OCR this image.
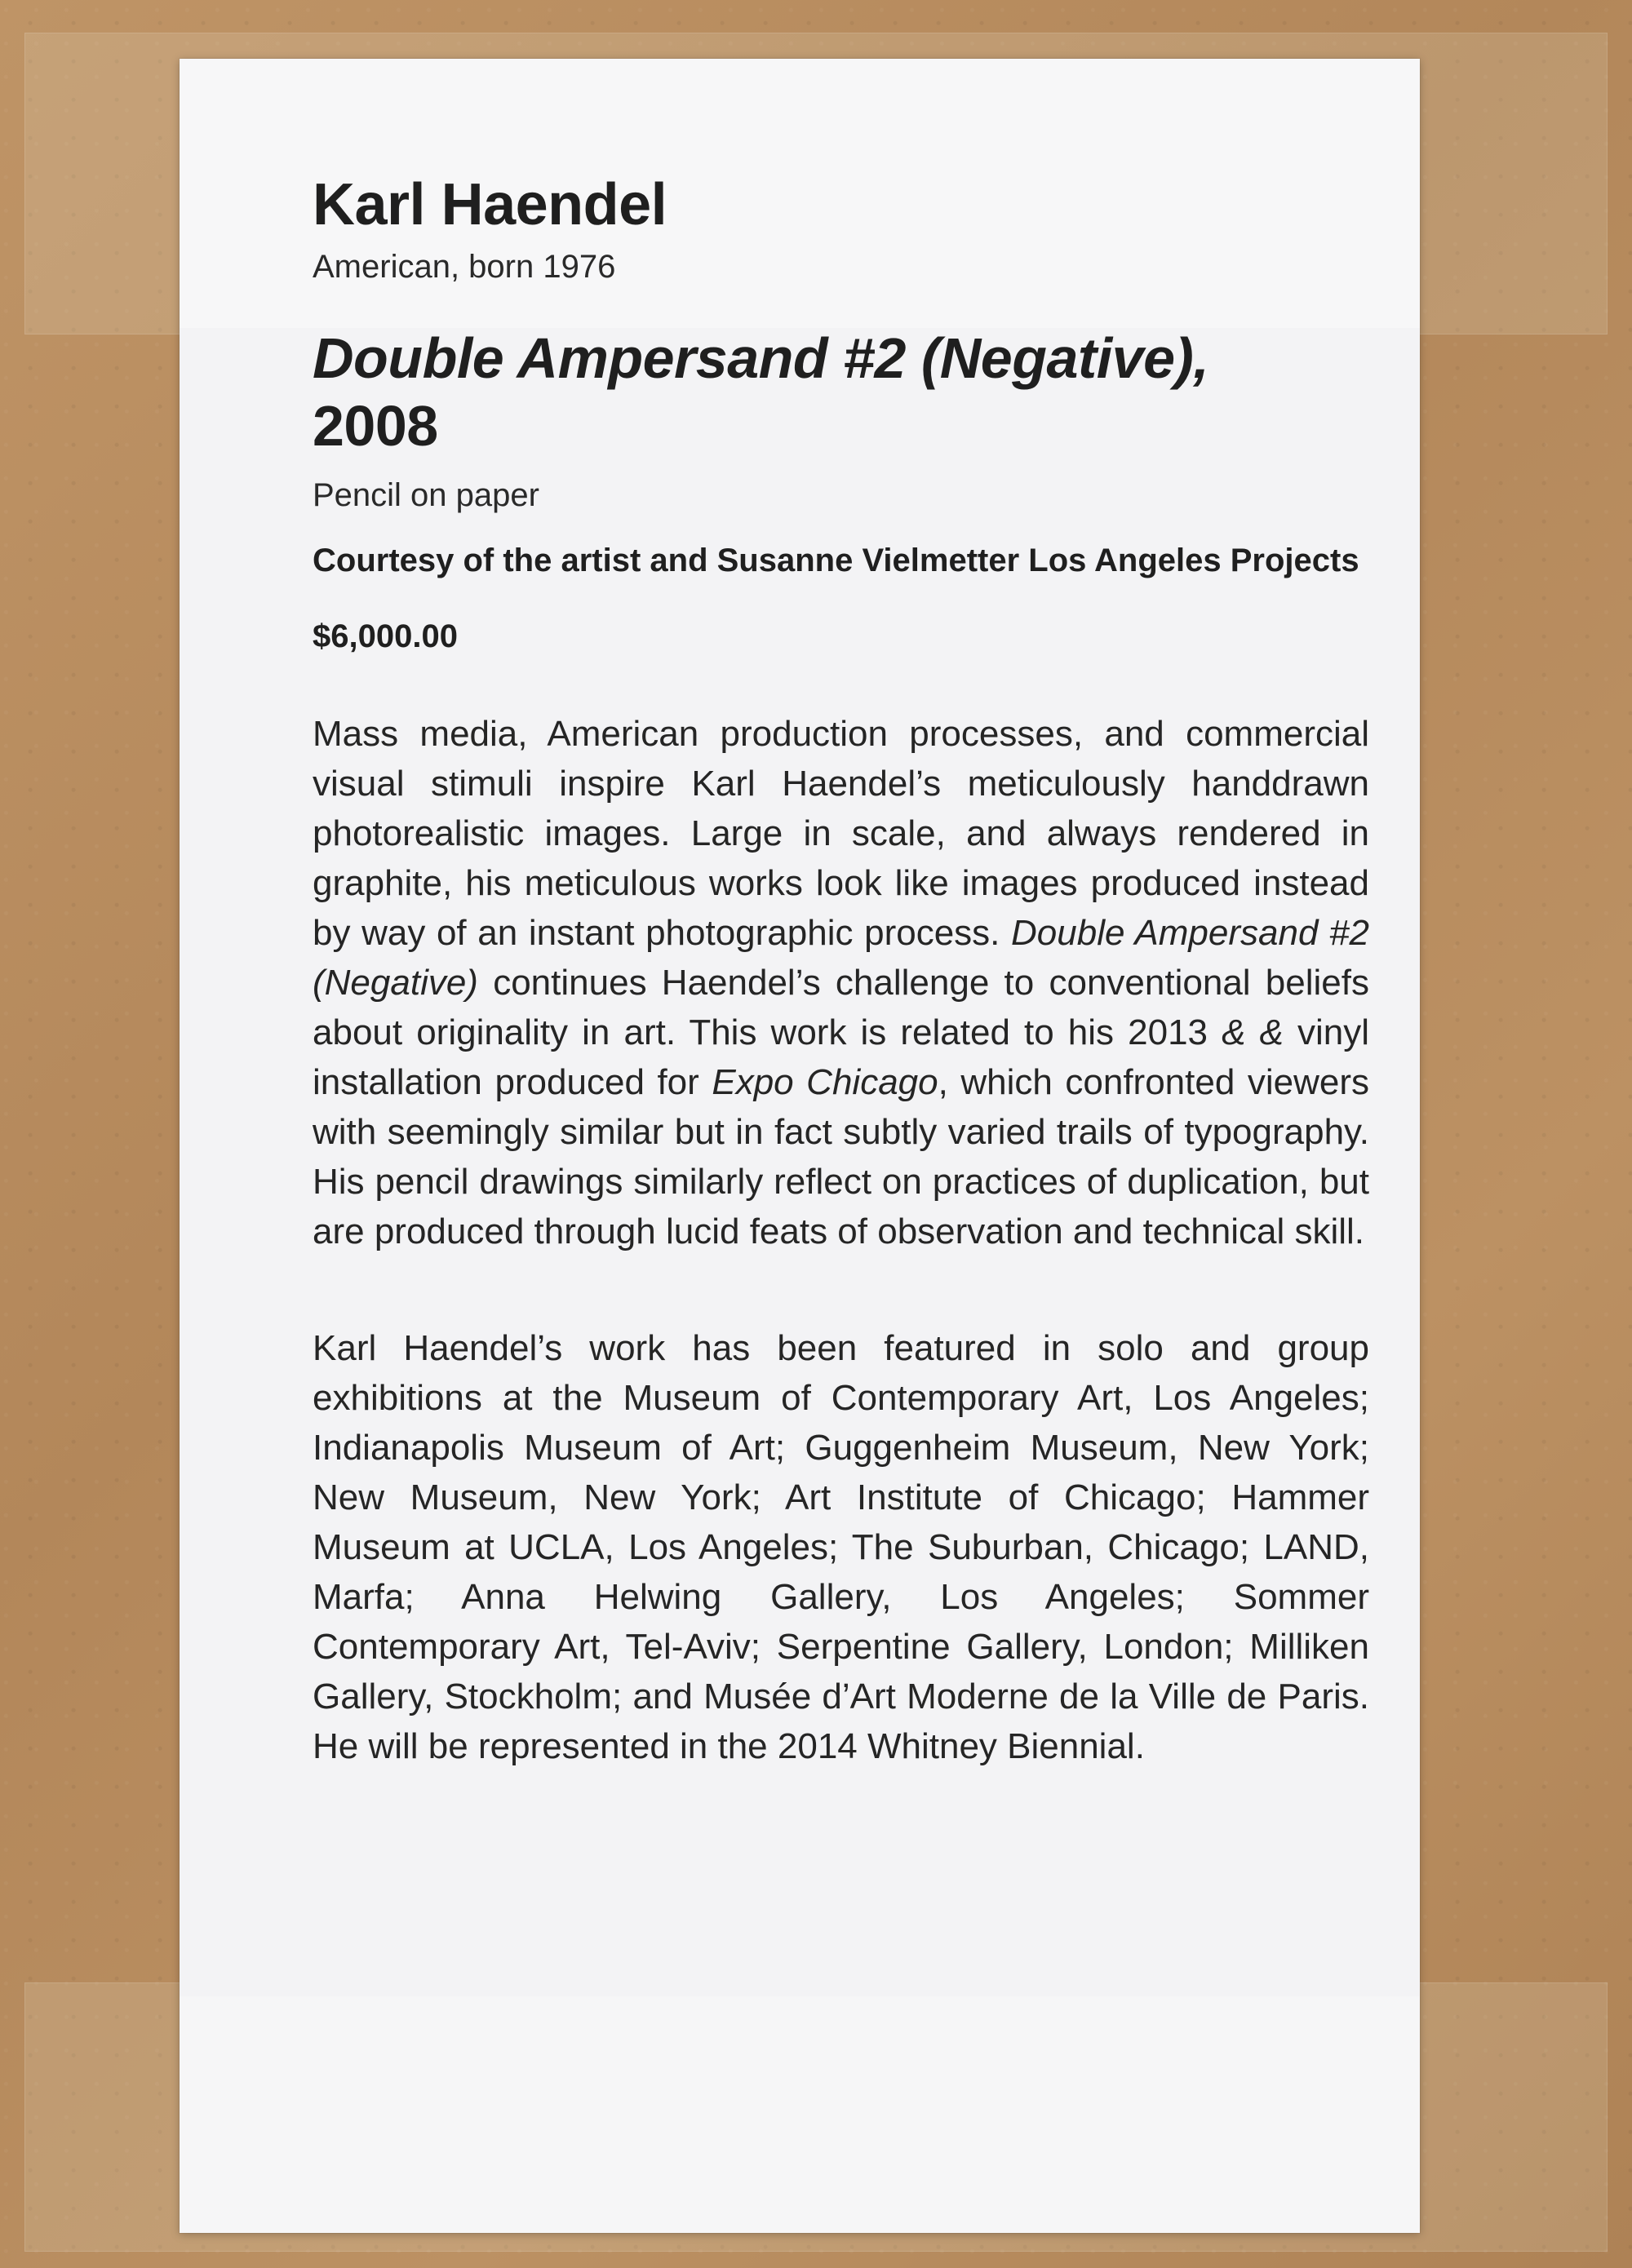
Karl Haendel

American, born 1976

Double Ampersand #2 (Negative),
2008

Pencil on paper

Courtesy of the artist and Susanne Vielmetter Los Angeles Projects

$6,000.00

Mass media, American production processes, and commercial visual stimuli inspire Karl Haendel’s meticulously handdrawn photorealistic images. Large in scale, and always rendered in graphite, his meticulous works look like images produced instead by way of an instant photographic process. Double Ampersand #2 (Negative) continues Haendel’s challenge to conventional beliefs about originality in art. This work is related to his 2013 & & vinyl installation produced for Expo Chicago, which confronted viewers with seemingly similar but in fact subtly varied trails of typography. His pencil drawings similarly reflect on practices of duplication, but are produced through lucid feats of observation and technical skill.

Karl Haendel’s work has been featured in solo and group exhibitions at the Museum of Contemporary Art, Los Angeles; Indianapolis Museum of Art; Guggenheim Museum, New York; New Museum, New York; Art Institute of Chicago; Hammer Museum at UCLA, Los Angeles; The Suburban, Chicago; LAND, Marfa; Anna Helwing Gallery, Los Angeles; Sommer Contemporary Art, Tel-Aviv; Serpentine Gallery, London; Milliken Gallery, Stockholm; and Musée d’Art Moderne de la Ville de Paris. He will be represented in the 2014 Whitney Biennial.
